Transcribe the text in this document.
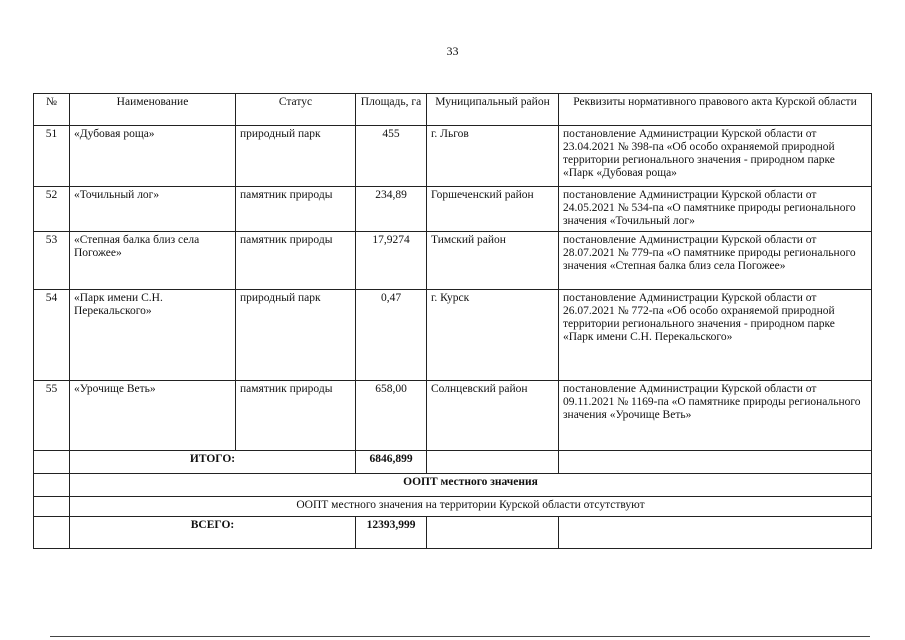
33
№	Наименование	Статус	Площадь, га	Муниципальный район	Реквизиты нормативного правового акта Курской области
51	«Дубовая роща»	природный парк	455	г. Льгов	постановление Администрации Курской области от 23.04.2021 № 398-па «Об особо охраняемой природной территории регионального значения - природном парке «Парк «Дубовая роща»
52	«Точильный лог»	памятник природы	234,89	Горшеченский район	постановление Администрации Курской области от 24.05.2021 № 534-па «О памятнике природы регионального значения «Точильный лог»
53	«Степная балка близ села Погожее»	памятник природы	17,9274	Тимский район	постановление Администрации Курской области от 28.07.2021 № 779-па «О памятнике природы регионального значения «Степная балка близ села Погожее»
54	«Парк имени С.Н. Перекальского»	природный парк	0,47	г. Курск	постановление Администрации Курской области от 26.07.2021 № 772-па «Об особо охраняемой природной территории регионального значения - природном парке «Парк имени С.Н. Перекальского»
55	«Урочище Веть»	памятник природы	658,00	Солнцевский район	постановление Администрации Курской области от 09.11.2021 № 1169-па «О памятнике природы регионального значения «Урочище Веть»
	ИТОГО:		6846,899		
	ООПТ местного значения				
	ООПТ местного значения на территории Курской области отсутствуют				
	ВСЕГО:		12393,999		
